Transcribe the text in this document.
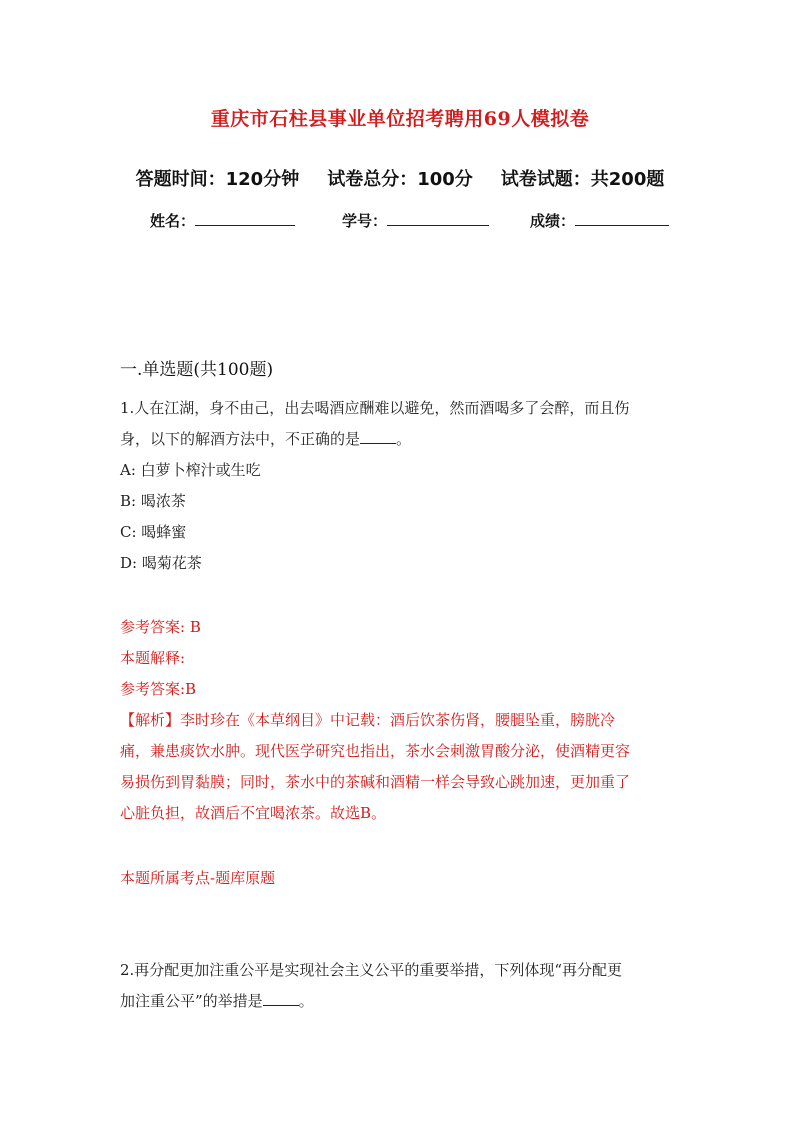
重庆市石柱县事业单位招考聘用69人模拟卷
答题时间：120分钟 试卷总分：100分 试卷试题：共200题
姓名：	学号：	成绩：
一.单选题(共100题)
1.人在江湖，身不由己，出去喝酒应酬难以避免，然而酒喝多了会醉，而且伤
身，以下的解酒方法中，不正确的是 。
A: 白萝卜榨汁或生吃
B: 喝浓茶
C: 喝蜂蜜
D: 喝菊花茶
参考答案: B
本题解释:
参考答案:B
【解析】李时珍在《本草纲目》中记载：酒后饮茶伤肾，腰腿坠重，膀胱冷
痛，兼患痰饮水肿。现代医学研究也指出，茶水会刺激胃酸分泌，使酒精更容
易损伤到胃黏膜；同时，茶水中的茶碱和酒精一样会导致心跳加速，更加重了
心脏负担，故酒后不宜喝浓茶。故选B。
本题所属考点-题库原题
2.再分配更加注重公平是实现社会主义公平的重要举措，下列体现“再分配更
加注重公平”的举措是 。
